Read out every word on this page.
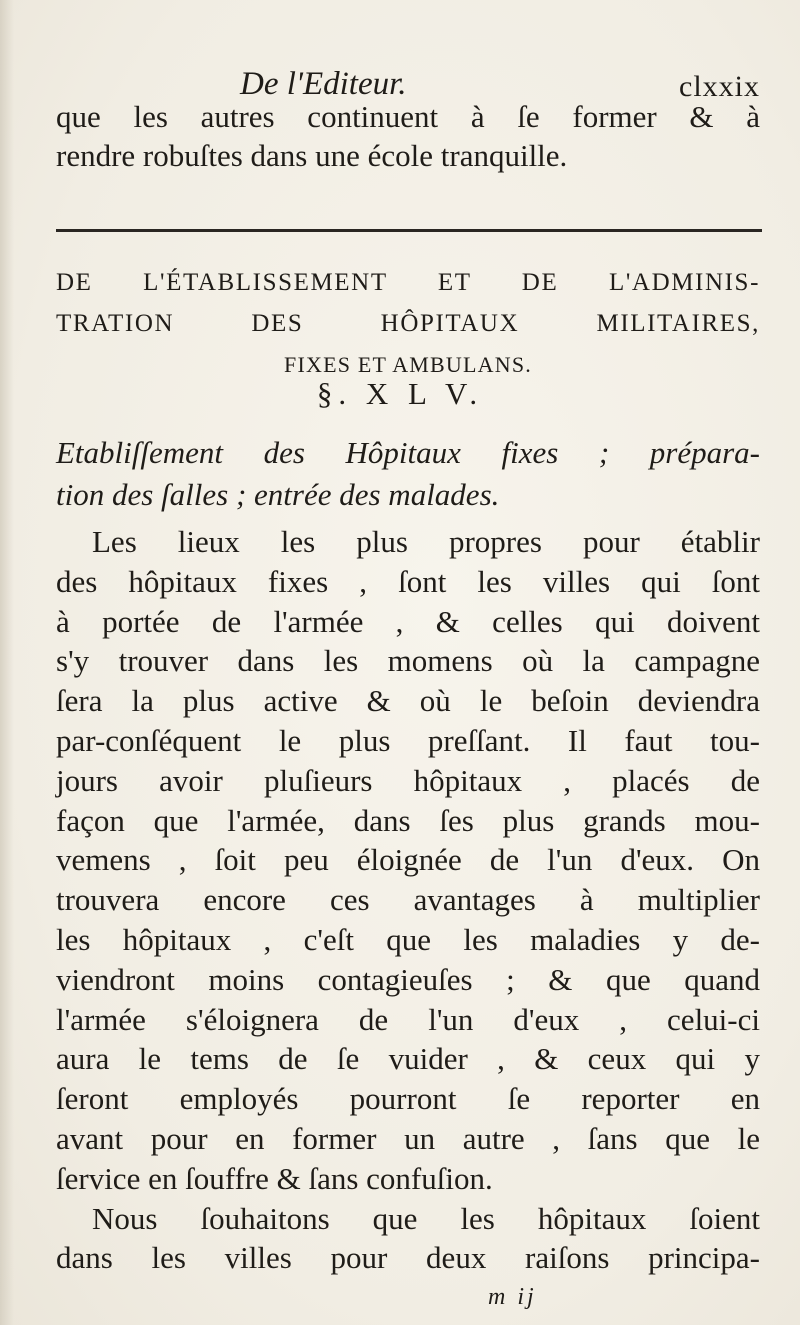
De l'Editeur.	clxxix
que les autres continuent à ſe former & à
rendre robuſtes dans une école tranquille.
DE L'ÉTABLISSEMENT ET DE L'ADMINIS-
TRATION DES HÔPITAUX MILITAIRES,
FIXES ET AMBULANS.
§. X L V.
Etabliſſement des Hôpitaux fixes ; prépara-
tion des ſalles ; entrée des malades.
Les lieux les plus propres pour établir
des hôpitaux fixes , ſont les villes qui ſont
à portée de l'armée , & celles qui doivent
s'y trouver dans les momens où la campagne
ſera la plus active & où le beſoin deviendra
par-conſéquent le plus preſſant. Il faut tou-
jours avoir pluſieurs hôpitaux , placés de
façon que l'armée, dans ſes plus grands mou-
vemens , ſoit peu éloignée de l'un d'eux. On
trouvera encore ces avantages à multiplier
les hôpitaux , c'eſt que les maladies y de-
viendront moins contagieuſes ; & que quand
l'armée s'éloignera de l'un d'eux , celui-ci
aura le tems de ſe vuider , & ceux qui y
ſeront employés pourront ſe reporter en
avant pour en former un autre , ſans que le
ſervice en ſouffre & ſans confuſion.
Nous ſouhaitons que les hôpitaux ſoient
dans les villes pour deux raiſons principa-
m ij
